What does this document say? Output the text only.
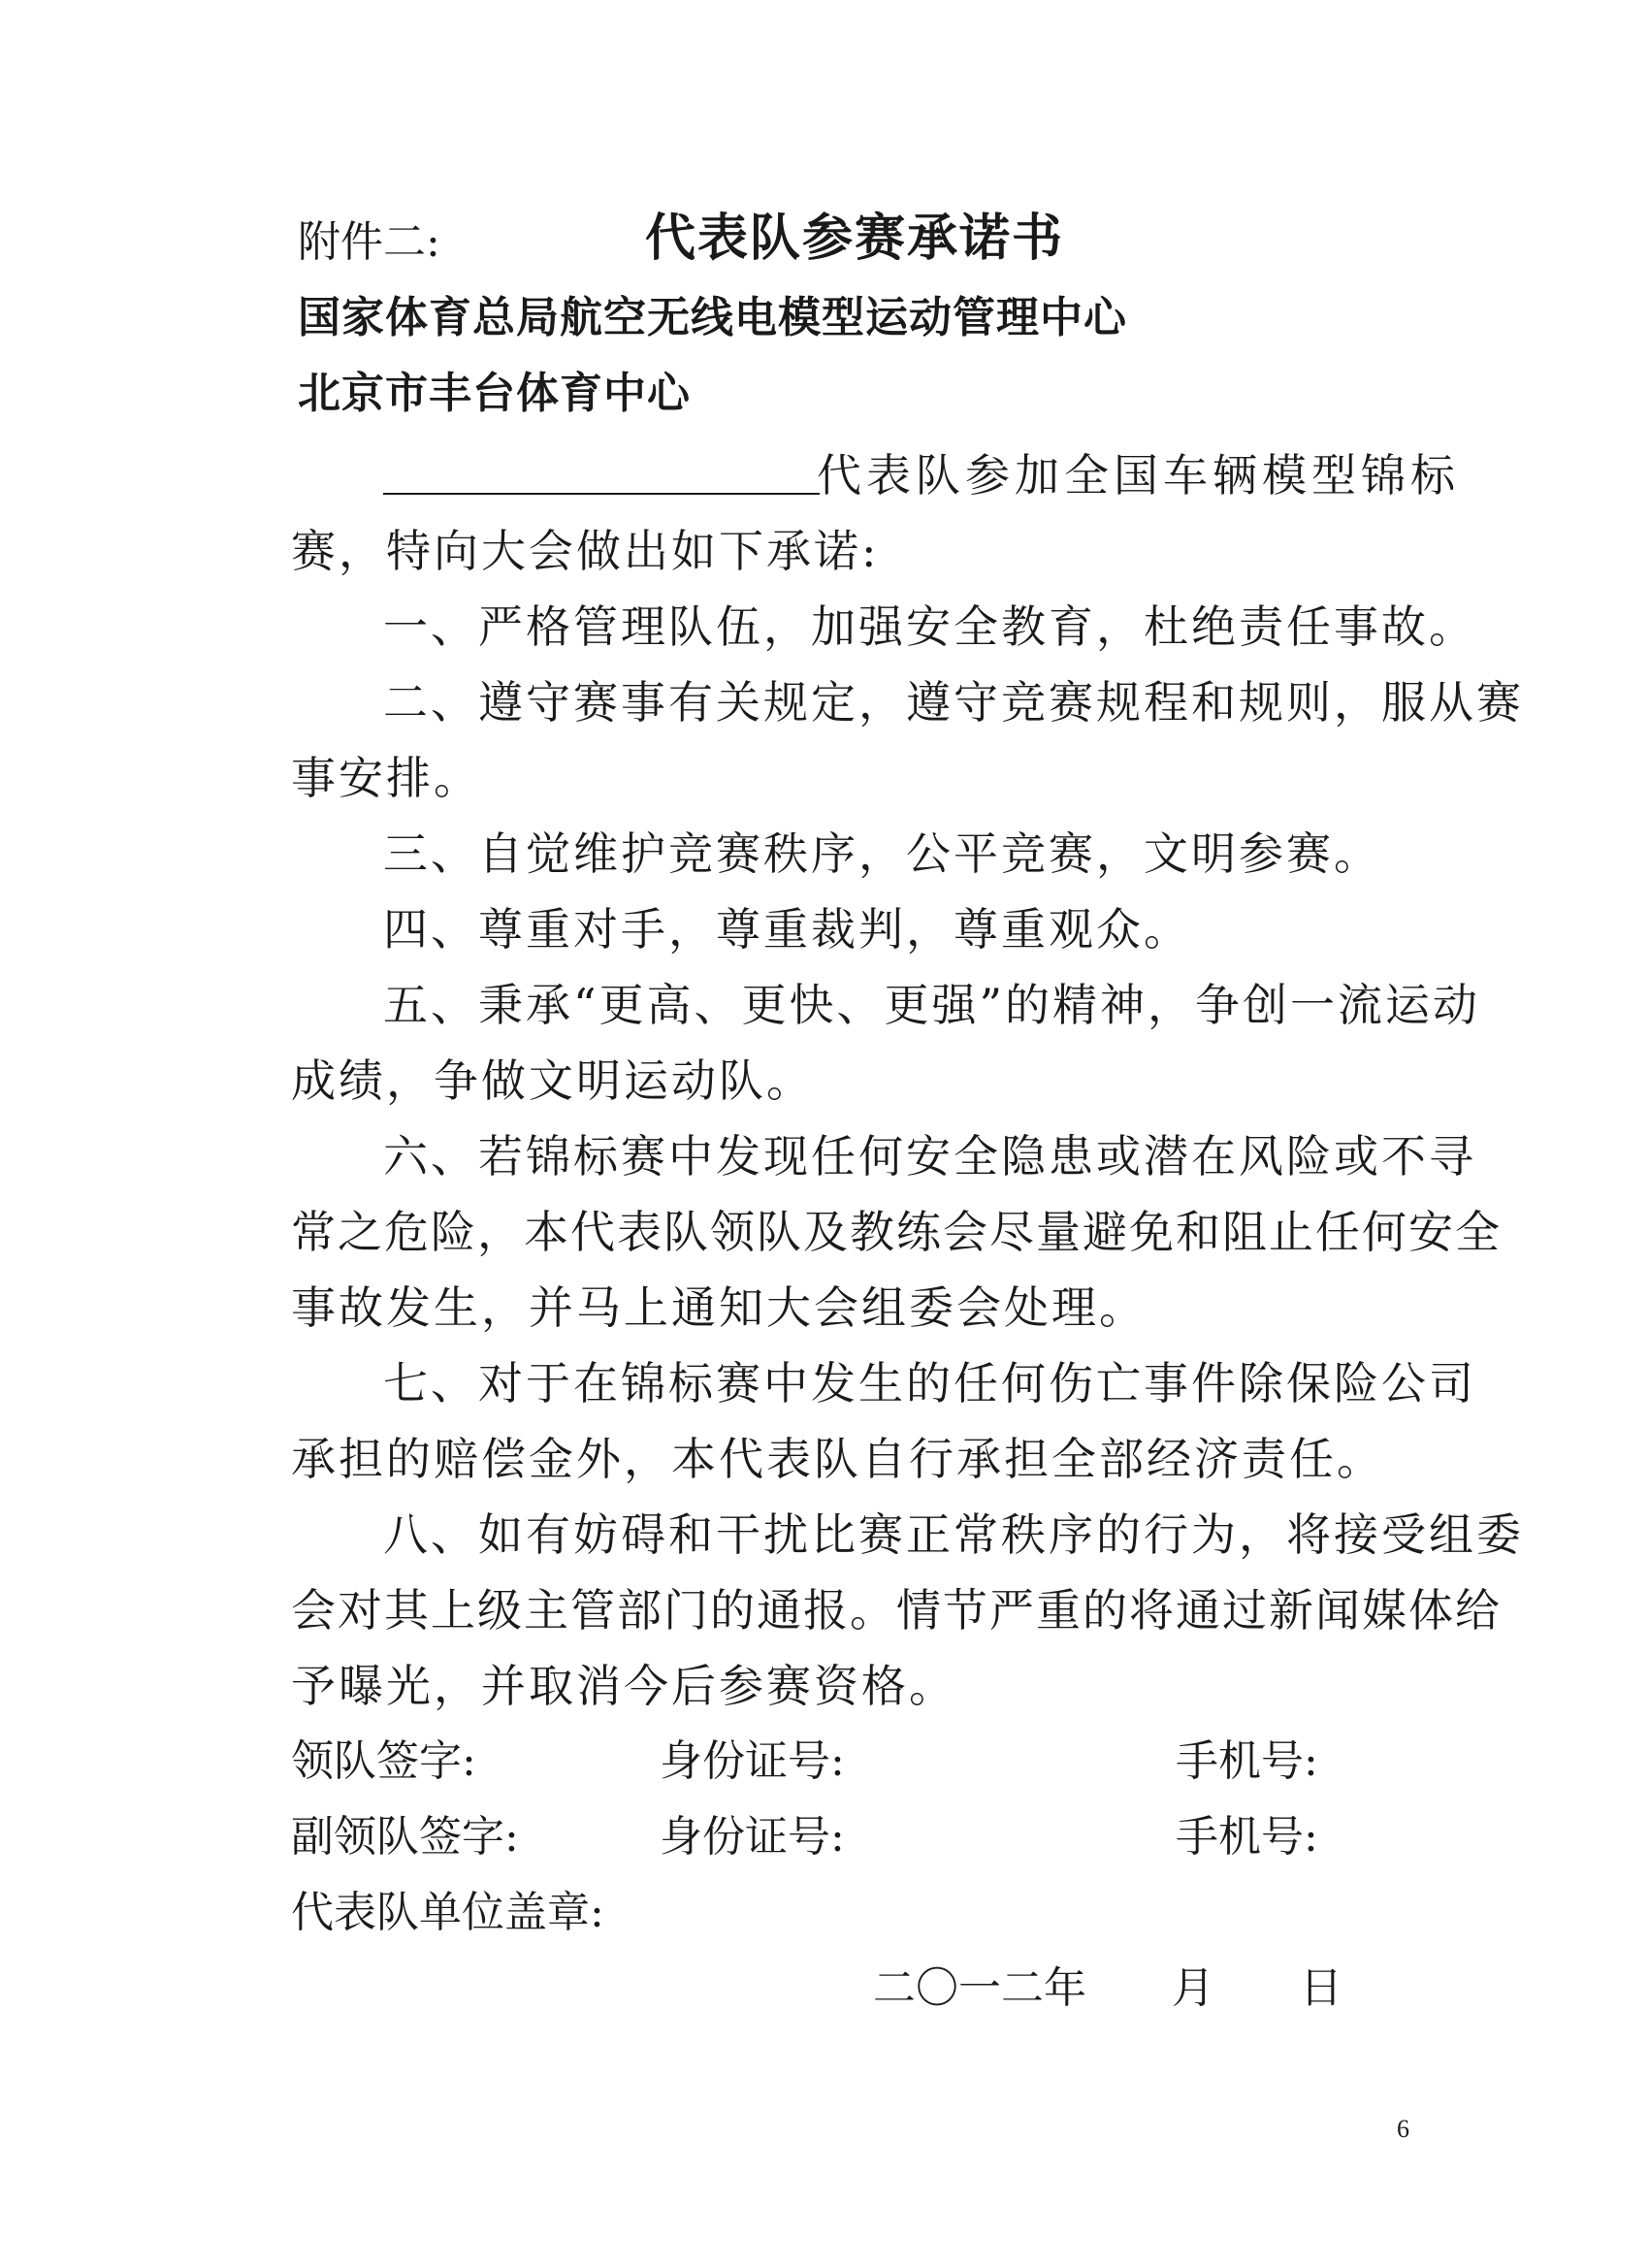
附件二:	代表队参赛承诺书
国家体育总局航空无线电模型运动管理中心
北京市丰台体育中心
代表队参加全国车辆模型锦标
赛，特向大会做出如下承诺:
一、严格管理队伍，加强安全教育，杜绝责任事故。
二、遵守赛事有关规定，遵守竞赛规程和规则，服从赛
事安排。
三、自觉维护竞赛秩序，公平竞赛，文明参赛。
四、尊重对手，尊重裁判，尊重观众。
五、秉承“更高、更快、更强”的精神，争创一流运动
成绩，争做文明运动队。
六、若锦标赛中发现任何安全隐患或潜在风险或不寻
常之危险，本代表队领队及教练会尽量避免和阻止任何安全
事故发生，并马上通知大会组委会处理。
七、对于在锦标赛中发生的任何伤亡事件除保险公司
承担的赔偿金外，本代表队自行承担全部经济责任。
八、如有妨碍和干扰比赛正常秩序的行为，将接受组委
会对其上级主管部门的通报。情节严重的将通过新闻媒体给
予曝光，并取消今后参赛资格。
领队签字:	身份证号:	手机号:
副领队签字:	身份证号:	手机号:
代表队单位盖章:
二〇一二年　　月　　日
6
